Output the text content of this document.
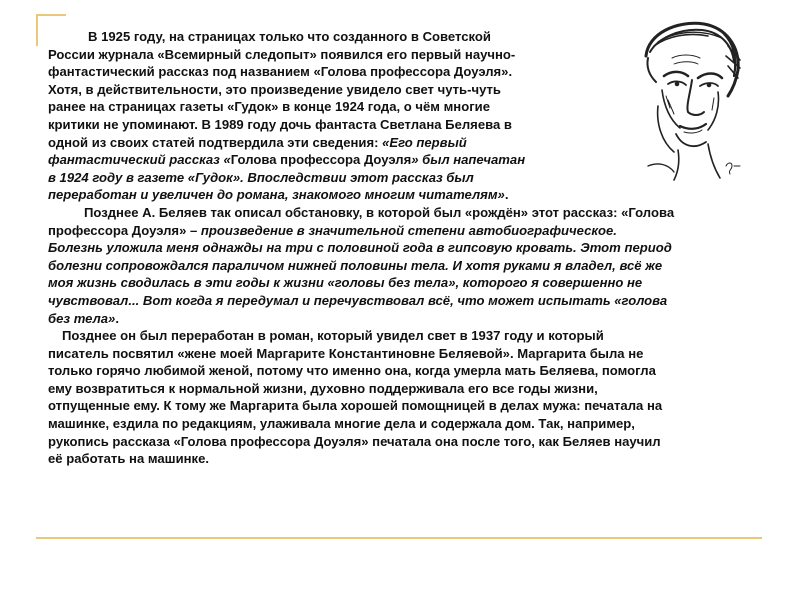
В 1925 году, на страницах только что созданного в Советской
России журнала «Всемирный следопыт» появился его первый научно-
фантастический рассказ под названием «Голова профессора Доуэля».
Хотя, в действительности, это произведение увидело свет чуть-чуть
ранее на страницах газеты «Гудок» в конце 1924 года, о чём многие
критики не упоминают. В 1989 году дочь фантаста Светлана Беляева в
одной из своих статей подтвердила эти сведения: «Его первый
фантастический рассказ «Голова профессора Доуэля» был напечатан
в 1924 году в газете «Гудок». Впоследствии этот рассказ был
переработан и увеличен до романа, знакомого многим читателям».
Позднее А. Беляев так описал обстановку, в которой был «рождён» этот рассказ: «Голова
профессора Доуэля» – произведение в значительной степени автобиографическое.
Болезнь уложила меня однажды на три с половиной года в гипсовую кровать. Этот период
болезни сопровождался параличом нижней половины тела. И хотя руками я владел, всё же
моя жизнь сводилась в эти годы к жизни «головы без тела», которого я совершенно не
чувствовал... Вот когда я передумал и перечувствовал всё, что может испытать «голова
без тела».
Позднее он был переработан в роман, который увидел свет в 1937 году и который
писатель посвятил «жене моей Маргарите Константиновне Беляевой». Маргарита была не
только горячо любимой женой, потому что именно она, когда умерла мать Беляева, помогла
ему возвратиться к нормальной жизни, духовно поддерживала его все годы жизни,
отпущенные ему. К тому же Маргарита была хорошей помощницей в делах мужа: печатала на
машинке, ездила по редакциям, улаживала многие дела и содержала дом. Так, например,
рукопись рассказа «Голова профессора Доуэля» печатала она после того, как Беляев научил
её работать на машинке.
